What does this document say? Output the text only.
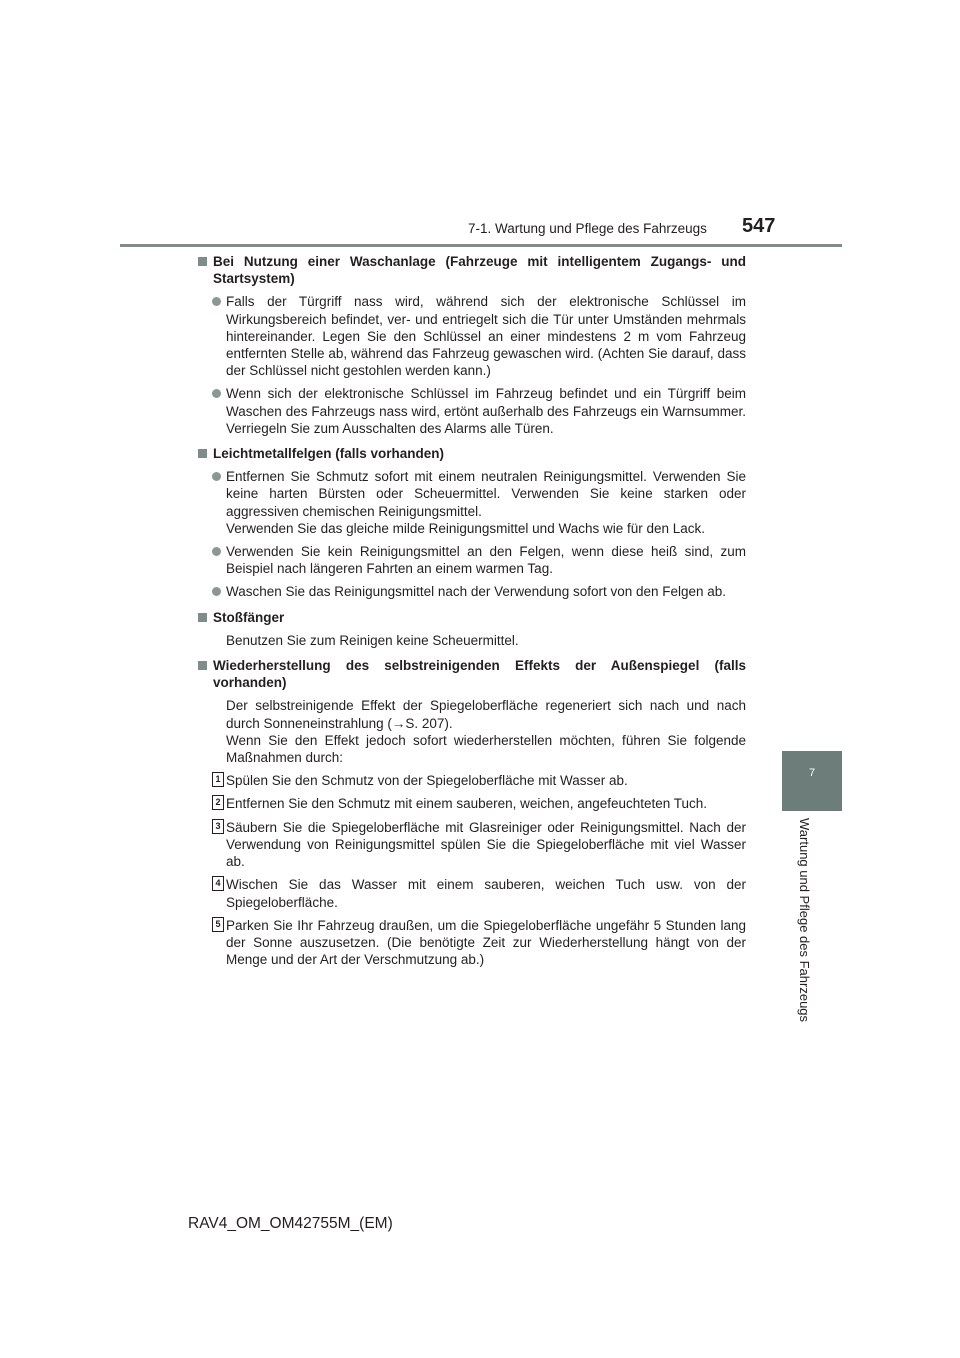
7-1. Wartung und Pflege des Fahrzeugs 547
7
Wartung und Pflege des Fahrzeugs
Bei Nutzung einer Waschanlage (Fahrzeuge mit intelligentem Zugangs- und Startsystem)
Falls der Türgriff nass wird, während sich der elektronische Schlüssel im Wirkungsbereich befindet, ver- und entriegelt sich die Tür unter Umständen mehrmals hintereinander. Legen Sie den Schlüssel an einer mindestens 2 m vom Fahrzeug entfernten Stelle ab, während das Fahrzeug gewaschen wird. (Achten Sie darauf, dass der Schlüssel nicht gestohlen werden kann.)
Wenn sich der elektronische Schlüssel im Fahrzeug befindet und ein Türgriff beim Waschen des Fahrzeugs nass wird, ertönt außerhalb des Fahrzeugs ein Warnsummer. Verriegeln Sie zum Ausschalten des Alarms alle Türen.
Leichtmetallfelgen (falls vorhanden)
Entfernen Sie Schmutz sofort mit einem neutralen Reinigungsmittel. Verwenden Sie keine harten Bürsten oder Scheuermittel. Verwenden Sie keine starken oder aggressiven chemischen Reinigungsmittel.
Verwenden Sie das gleiche milde Reinigungsmittel und Wachs wie für den Lack.
Verwenden Sie kein Reinigungsmittel an den Felgen, wenn diese heiß sind, zum Beispiel nach längeren Fahrten an einem warmen Tag.
Waschen Sie das Reinigungsmittel nach der Verwendung sofort von den Felgen ab.
Stoßfänger
Benutzen Sie zum Reinigen keine Scheuermittel.
Wiederherstellung des selbstreinigenden Effekts der Außenspiegel (falls vorhanden)
Der selbstreinigende Effekt der Spiegeloberfläche regeneriert sich nach und nach durch Sonneneinstrahlung (→S. 207).
Wenn Sie den Effekt jedoch sofort wiederherstellen möchten, führen Sie folgende Maßnahmen durch:
1 Spülen Sie den Schmutz von der Spiegeloberfläche mit Wasser ab.
2 Entfernen Sie den Schmutz mit einem sauberen, weichen, angefeuchteten Tuch.
3 Säubern Sie die Spiegeloberfläche mit Glasreiniger oder Reinigungsmittel. Nach der Verwendung von Reinigungsmittel spülen Sie die Spiegeloberfläche mit viel Wasser ab.
4 Wischen Sie das Wasser mit einem sauberen, weichen Tuch usw. von der Spiegeloberfläche.
5 Parken Sie Ihr Fahrzeug draußen, um die Spiegeloberfläche ungefähr 5 Stunden lang der Sonne auszusetzen. (Die benötigte Zeit zur Wiederherstellung hängt von der Menge und der Art der Verschmutzung ab.)
RAV4_OM_OM42755M_(EM)
